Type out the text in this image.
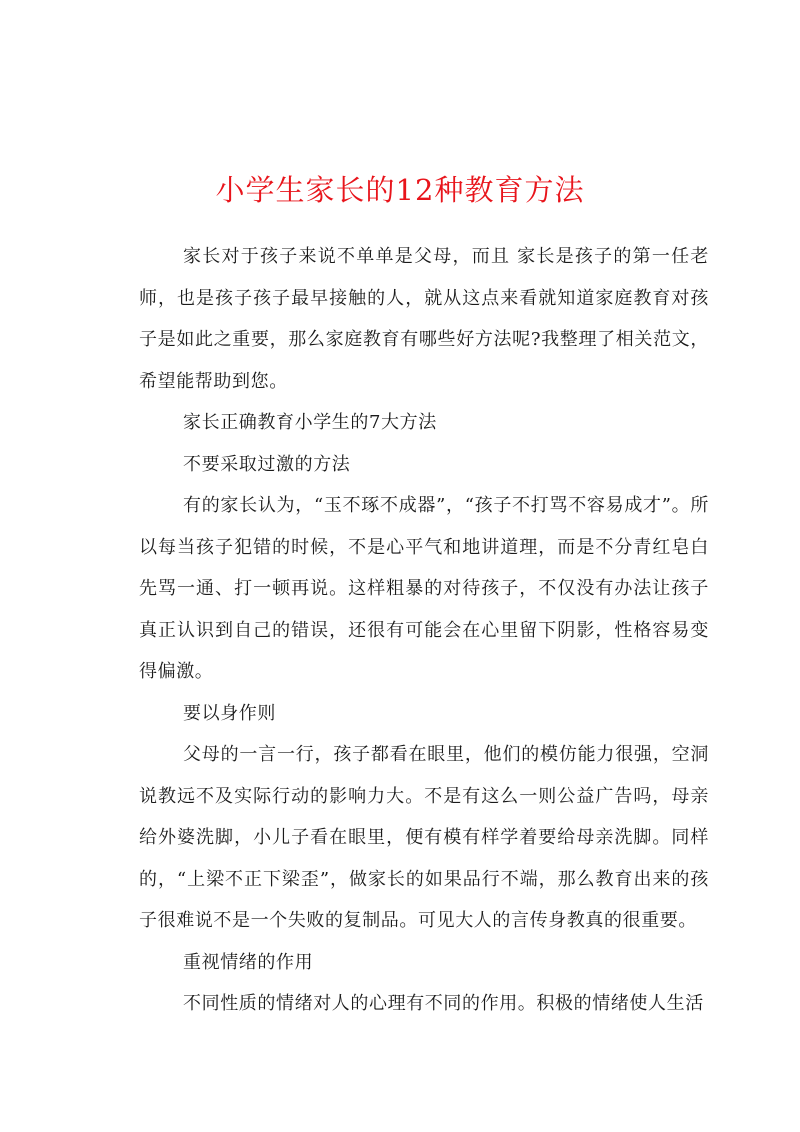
小学生家长的12种教育方法

家长对于孩子来说不单单是父母，而且 家长是孩子的第一任老师，也是孩子孩子最早接触的人，就从这点来看就知道家庭教育对孩子是如此之重要，那么家庭教育有哪些好方法呢?我整理了相关范文，希望能帮助到您。

家长正确教育小学生的7大方法

不要采取过激的方法

有的家长认为，“玉不琢不成器”，“孩子不打骂不容易成才”。所以每当孩子犯错的时候，不是心平气和地讲道理，而是不分青红皂白先骂一通、打一顿再说。这样粗暴的对待孩子，不仅没有办法让孩子真正认识到自己的错误，还很有可能会在心里留下阴影，性格容易变得偏激。

要以身作则

父母的一言一行，孩子都看在眼里，他们的模仿能力很强，空洞说教远不及实际行动的影响力大。不是有这么一则公益广告吗，母亲给外婆洗脚，小儿子看在眼里，便有模有样学着要给母亲洗脚。同样的，“上梁不正下梁歪”，做家长的如果品行不端，那么教育出来的孩子很难说不是一个失败的复制品。可见大人的言传身教真的很重要。

重视情绪的作用

不同性质的情绪对人的心理有不同的作用。积极的情绪使人生活
